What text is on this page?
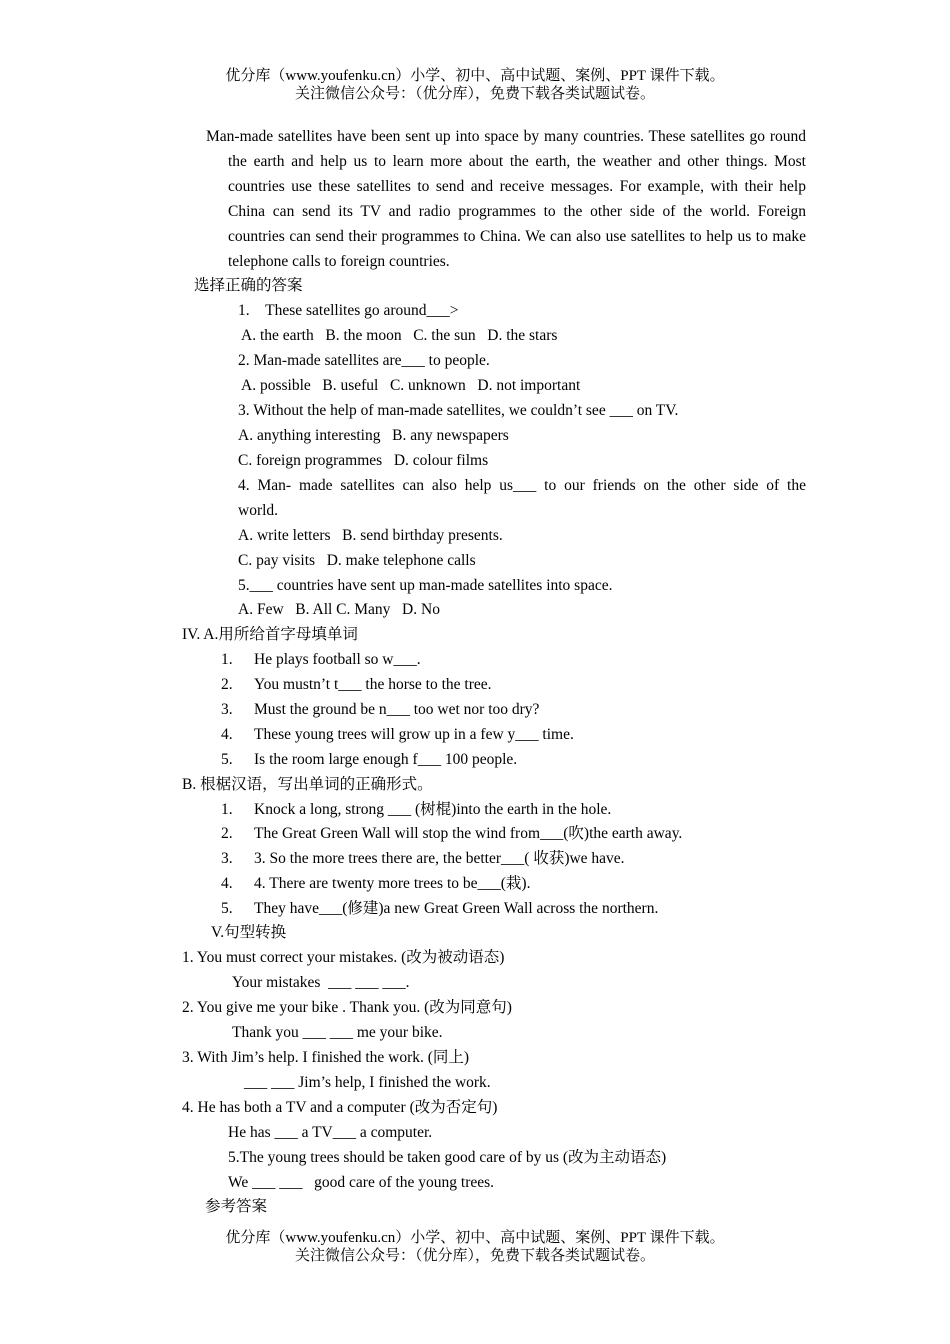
优分库（www.youfenku.cn）小学、初中、高中试题、案例、PPT 课件下载。
关注微信公众号：（优分库），免费下载各类试题试卷。
Man-made satellites have been sent up into space by many countries. These satellites go round the earth and help us to learn more about the earth, the weather and other things. Most countries use these satellites to send and receive messages. For example, with their help China can send its TV and radio programmes to the other side of the world. Foreign countries can send their programmes to China. We can also use satellites to help us to make telephone calls to foreign countries.
选择正确的答案
1.    These satellites go around___>
A. the earth   B. the moon   C. the sun   D. the stars
2. Man-made satellites are___ to people.
A. possible   B. useful   C. unknown   D. not important
3. Without the help of man-made satellites, we couldn’t see ___ on TV.
A. anything interesting   B. any newspapers
C. foreign programmes   D. colour films
4. Man- made satellites can also help us___ to our friends on the other side of the
world.
A. write letters   B. send birthday presents.
C. pay visits   D. make telephone calls
5.___ countries have sent up man-made satellites into space.
A. Few   B. All C. Many   D. No
IV. A.用所给首字母填单词
1. He plays football so w___.
2. You mustn’t t___ the horse to the tree.
3. Must the ground be n___ too wet nor too dry?
4. These young trees will grow up in a few y___ time.
5. Is the room large enough f___ 100 people.
B. 根椐汉语，写出单词的正确形式。
1. Knock a long, strong ___ (树棍)into the earth in the hole.
2. The Great Green Wall will stop the wind from___(吹)the earth away.
3. 3. So the more trees there are, the better___( 收获)we have.
4. 4. There are twenty more trees to be___(栽).
5. They have___(修建)a new Great Green Wall across the northern.
V.句型转换
1. You must correct your mistakes. (改为被动语态)
Your mistakes  ___ ___ ___.
2. You give me your bike . Thank you. (改为同意句)
Thank you ___ ___ me your bike.
3. With Jim’s help. I finished the work. (同上)
___ ___ Jim’s help, I finished the work.
4. He has both a TV and a computer (改为否定句)
He has ___ a TV___ a computer.
5.The young trees should be taken good care of by us (改为主动语态)
We ___ ___   good care of the young trees.
参考答案
优分库（www.youfenku.cn）小学、初中、高中试题、案例、PPT 课件下载。
关注微信公众号：（优分库），免费下载各类试题试卷。
